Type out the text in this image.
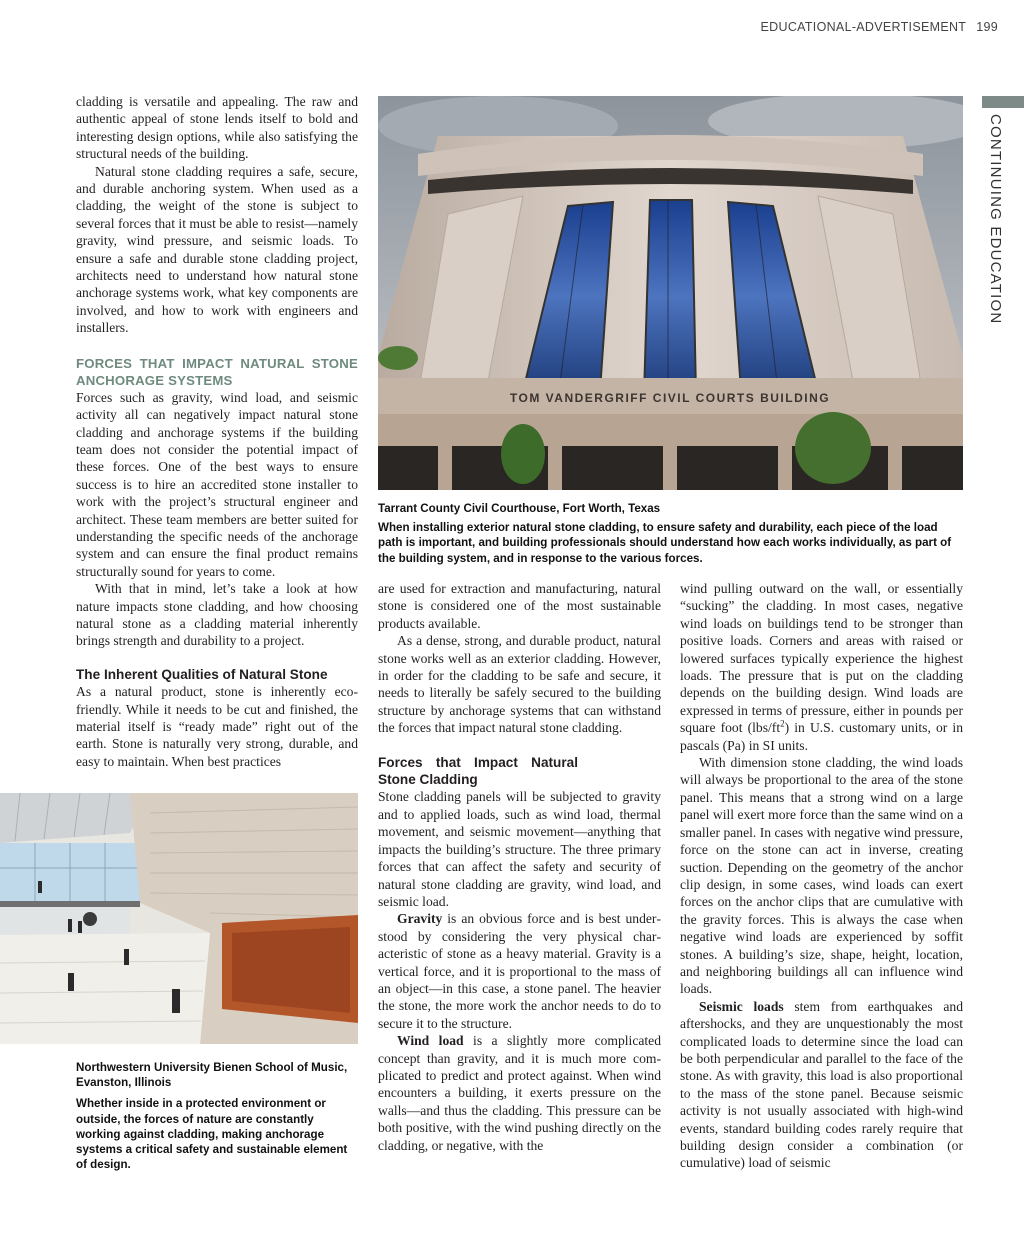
EDUCATIONAL-ADVERTISEMENT 199
CONTINUING EDUCATION

cladding is versatile and appealing. The raw and authentic appeal of stone lends itself to bold and interesting design options, while also satisfying the structural needs of the building.

Natural stone cladding requires a safe, secure, and durable anchoring system. When used as a cladding, the weight of the stone is subject to several forces that it must be able to resist—namely gravity, wind pressure, and seismic loads. To ensure a safe and durable stone cladding project, architects need to understand how natural stone anchorage systems work, what key components are involved, and how to work with engineers and installers.

FORCES THAT IMPACT NATURAL STONE ANCHORAGE SYSTEMS

Forces such as gravity, wind load, and seismic activity all can negatively impact natural stone cladding and anchorage systems if the building team does not consider the potential impact of these forces. One of the best ways to ensure success is to hire an accredited stone installer to work with the project’s structural engineer and architect. These team members are better suited for understanding the specific needs of the anchorage system and can ensure the final product remains structurally sound for years to come.

With that in mind, let’s take a look at how nature impacts stone cladding, and how choosing natural stone as a cladding material inherently brings strength and durability to a project.

The Inherent Qualities of Natural Stone

As a natural product, stone is inherently eco-friendly. While it needs to be cut and finished, the material itself is “ready made” right out of the earth. Stone is naturally very strong, durable, and easy to maintain. When best practices

TOM VANDERGRIFF CIVIL COURTS BUILDING

Tarrant County Civil Courthouse, Fort Worth, Texas

When installing exterior natural stone cladding, to ensure safety and durability, each piece of the load path is important, and building professionals should understand how each works individually, as part of the building system, and in response to the various forces.

Northwestern University Bienen School of Music, Evanston, Illinois

Whether inside in a protected environment or outside, the forces of nature are constantly working against cladding, making anchorage systems a critical safety and sustainable element of design.

are used for extraction and manufacturing, natural stone is considered one of the most sustainable products available.

As a dense, strong, and durable product, natural stone works well as an exterior cladding. However, in order for the cladding to be safe and secure, it needs to literally be safely secured to the building structure by anchorage systems that can withstand the forces that impact natural stone cladding.

Forces that Impact Natural Stone Cladding

Stone cladding panels will be subjected to gravity and to applied loads, such as wind load, thermal movement, and seismic movement—anything that impacts the building’s structure. The three primary forces that can affect the safety and security of natural stone cladding are gravity, wind load, and seismic load.

Gravity is an obvious force and is best understood by considering the very physical characteristic of stone as a heavy material. Gravity is a vertical force, and it is proportional to the mass of an object—in this case, a stone panel. The heavier the stone, the more work the anchor needs to do to secure it to the structure.

Wind load is a slightly more complicated concept than gravity, and it is much more complicated to predict and protect against. When wind encounters a building, it exerts pressure on the walls—and thus the cladding. This pressure can be both positive, with the wind pushing directly on the cladding, or negative, with the

wind pulling outward on the wall, or essentially “sucking” the cladding. In most cases, negative wind loads on buildings tend to be stronger than positive loads. Corners and areas with raised or lowered surfaces typically experience the highest loads. The pressure that is put on the cladding depends on the building design. Wind loads are expressed in terms of pressure, either in pounds per square foot $(lbs/ft^2)$ in U.S. customary units, or in pascals (Pa) in SI units.

With dimension stone cladding, the wind loads will always be proportional to the area of the stone panel. This means that a strong wind on a large panel will exert more force than the same wind on a smaller panel. In cases with negative wind pressure, force on the stone can act in inverse, creating suction. Depending on the geometry of the anchor clip design, in some cases, wind loads can exert forces on the anchor clips that are cumulative with the gravity forces. This is always the case when negative wind loads are experienced by soffit stones. A building’s size, shape, height, location, and neighboring buildings all can influence wind loads.

Seismic loads stem from earthquakes and aftershocks, and they are unquestionably the most complicated loads to determine since the load can be both perpendicular and parallel to the face of the stone. As with gravity, this load is also proportional to the mass of the stone panel. Because seismic activity is not usually associated with high-wind events, standard building codes rarely require that building design consider a combination (or cumulative) load of seismic
